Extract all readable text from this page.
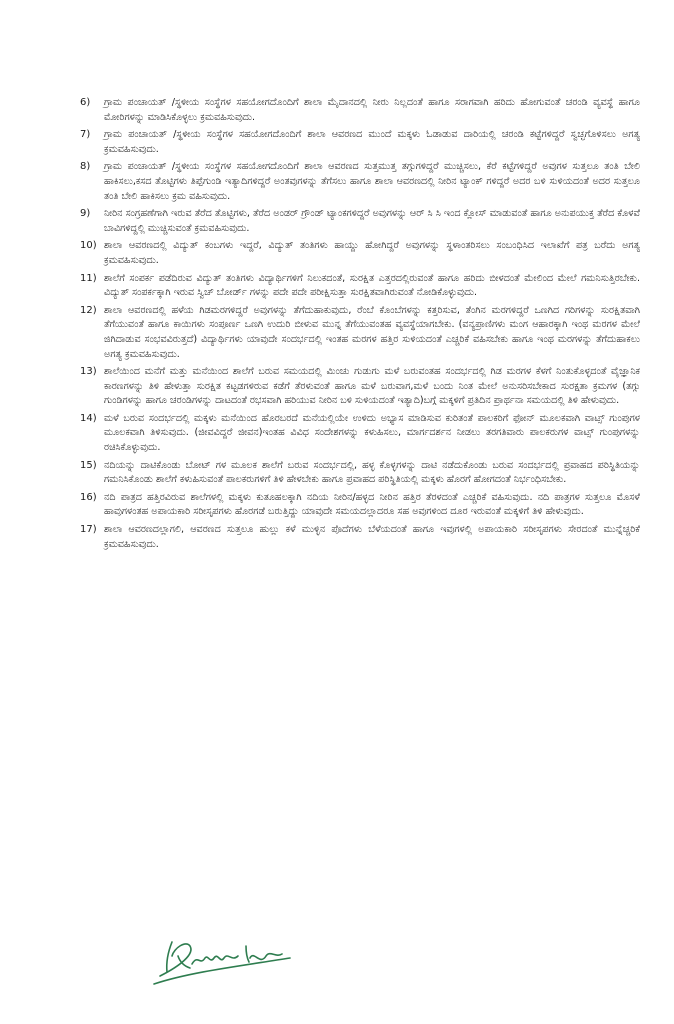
6)	ಗ್ರಾಮ ಪಂಚಾಯತ್ /ಸ್ಥಳೀಯ ಸಂಸ್ಥೆಗಳ ಸಹಯೋಗದೊಂದಿಗೆ ಶಾಲಾ ಮೈದಾನದಲ್ಲಿ ನೀರು ನಿಲ್ಲದಂತೆ ಹಾಗೂ ಸರಾಗವಾಗಿ ಹರಿದು ಹೋಗುವಂತೆ ಚರಂಡಿ ವ್ಯವಸ್ಥೆ ಹಾಗೂ ಮೋರಿಗಳನ್ನು ಮಾಡಿಸಿಕೊಳ್ಳಲು ಕ್ರಮವಹಿಸುವುದು.
7)	ಗ್ರಾಮ ಪಂಚಾಯತ್ /ಸ್ಥಳೀಯ ಸಂಸ್ಥೆಗಳ ಸಹಯೋಗದೊಂದಿಗೆ ಶಾಲಾ ಆವರಣದ ಮುಂದೆ ಮಕ್ಕಳು ಓಡಾಡುವ ದಾರಿಯಲ್ಲಿ ಚರಂಡಿ ಕಟ್ಟೆಗಳಿದ್ದರೆ ಸ್ವಚ್ಛಗೊಳಿಸಲು ಅಗತ್ಯ ಕ್ರಮವಹಿಸುವುದು.
8)	ಗ್ರಾಮ ಪಂಚಾಯತ್ /ಸ್ಥಳೀಯ ಸಂಸ್ಥೆಗಳ ಸಹಯೋಗದೊಂದಿಗೆ ಶಾಲಾ ಆವರಣದ ಸುತ್ತಮುತ್ತ ತಗ್ಗುಗಳಿದ್ದರೆ ಮುಚ್ಚಿಸಲು, ಕೆರೆ ಕಟ್ಟೆಗಳಿದ್ದರೆ ಅವುಗಳ ಸುತ್ತಲೂ ತಂತಿ ಬೇಲಿ ಹಾಕಿಸಲು,ಕಸದ ತೊಟ್ಟಿಗಳು ತಿಪ್ಪೆಗುಂಡಿ ಇತ್ಯಾದಿಗಳಿದ್ದರೆ ಅಂತವುಗಳನ್ನು ತೆಗೆಸಲು ಹಾಗೂ ಶಾಲಾ ಆವರಣದಲ್ಲಿ ನೀರಿನ ಟ್ಯಾಂಕ್ ಗಳಿದ್ದರೆ ಅದರ ಬಳಿ ಸುಳಿಯದಂತೆ ಅದರ ಸುತ್ತಲೂ ತಂತಿ ಬೇಲಿ ಹಾಕಿಸಲು ಕ್ರಮ ವಹಿಸುವುದು.
9)	ನೀರಿನ ಸಂಗ್ರಹಣೆಗಾಗಿ ಇರುವ ತೆರೆದ ತೊಟ್ಟಿಗಳು, ತೆರೆದ ಅಂಡರ್ ಗ್ರೌಂಡ್ ಟ್ಯಾಂಕಗಳಿದ್ದರೆ ಅವುಗಳನ್ನು ಆರ್ ಸಿ ಸಿ ಇಂದ ಕ್ಲೋಸ್ ಮಾಡುವಂತೆ ಹಾಗೂ ಅನುಪಯುಕ್ತ ತೆರೆದ ಕೊಳವೆ ಬಾವಿಗಳಿದ್ದಲ್ಲಿ ಮುಚ್ಚಿಸುವಂತೆ ಕ್ರಮವಹಿಸುವುದು.
10) ಶಾಲಾ ಆವರಣದಲ್ಲಿ ವಿದ್ಯುತ್ ಕಂಬಗಳು ಇದ್ದರೆ, ವಿದ್ಯುತ್ ತಂತಿಗಳು ಹಾಯ್ದು ಹೋಗಿದ್ದರೆ ಅವುಗಳನ್ನು ಸ್ಥಳಾಂತರಿಸಲು ಸಂಬಂಧಿಸಿದ ಇಲಾಖೆಗೆ ಪತ್ರ ಬರೆದು ಅಗತ್ಯ ಕ್ರಮವಹಿಸುವುದು.
11) ಶಾಲೆಗೆ ಸಂಪರ್ಕ ಪಡೆದಿರುವ ವಿದ್ಯುತ್ ತಂತಿಗಳು ವಿದ್ಯಾರ್ಥಿಗಳಿಗೆ ನಿಲುಕದಂತೆ, ಸುರಕ್ಷಿತ ಎತ್ತರದಲ್ಲಿರುವಂತೆ ಹಾಗೂ ಹರಿದು ಬೀಳದಂತೆ ಮೇಲಿಂದ ಮೇಲೆ ಗಮನಿಸುತ್ತಿರಬೇಕು. ವಿದ್ಯುತ್ ಸಂಪರ್ಕಕ್ಕಾಗಿ ಇರುವ ಸ್ವಿಚ್ ಬೋರ್ಡ್ ಗಳನ್ನು ಪದೇ ಪದೇ ಪರೀಕ್ಷಿಸುತ್ತಾ ಸುರಕ್ಷಿತವಾಗಿರುವಂತೆ ನೋಡಿಕೊಳ್ಳುವುದು.
12) ಶಾಲಾ ಆವರಣದಲ್ಲಿ ಹಳೆಯ ಗಿಡಮರಗಳಿದ್ದರೆ ಅವುಗಳನ್ನು ತೆಗೆದುಹಾಕುವುದು, ರೆಂಬೆ ಕೊಂಬೆಗಳನ್ನು ಕತ್ತರಿಸುವ, ತೆಂಗಿನ ಮರಗಳಿದ್ದರೆ ಒಣಗಿದ ಗರಿಗಳನ್ನು ಸುರಕ್ಷಿತವಾಗಿ ತೆಗೆಯುವಂತೆ ಹಾಗೂ ಕಾಯಿಗಳು ಸಂಪೂರ್ಣ ಒಣಗಿ ಉದುರಿ ಬೀಳುವ ಮುನ್ನ ತೆಗೆಯುವಂತಹ ವ್ಯವಸ್ಥೆಯಾಗಬೇಕು. (ವನ್ಯಪ್ರಾಣಿಗಳು ಮಂಗ ಆಹಾರಕ್ಕಾಗಿ ಇಂಥ ಮರಗಳ ಮೇಲೆ ಜಿಗಿದಾಡುವ ಸಂಭವವಿರುತ್ತದೆ) ವಿದ್ಯಾರ್ಥಿಗಳು ಯಾವುದೇ ಸಂದರ್ಭದಲ್ಲಿ ಇಂತಹ ಮರಗಳ ಹತ್ತಿರ ಸುಳಿಯದಂತೆ ಎಚ್ಚರಿಕೆ ವಹಿಸಬೇಕು ಹಾಗೂ ಇಂಥ ಮರಗಳನ್ನು ತೆಗೆದುಹಾಕಲು ಅಗತ್ಯ ಕ್ರಮವಹಿಸುವುದು.
13) ಶಾಲೆಯಿಂದ ಮನೆಗೆ ಮತ್ತು ಮನೆಯಿಂದ ಶಾಲೆಗೆ ಬರುವ ಸಮಯದಲ್ಲಿ ಮಿಂಚು ಗುಡುಗು ಮಳೆ ಬರುವಂತಹ ಸಂದರ್ಭದಲ್ಲಿ ಗಿಡ ಮರಗಳ ಕೆಳಗೆ ನಿಂತುಕೊಳ್ಳದಂತೆ ವೈಜ್ಞಾನಿಕ ಕಾರಣಗಳನ್ನು ತಿಳಿ ಹೇಳುತ್ತಾ ಸುರಕ್ಷಿತ ಕಟ್ಟಡಗಳಿರುವ ಕಡೆಗೆ ತೆರಳುವಂತೆ ಹಾಗೂ ಮಳೆ ಬರುವಾಗ,ಮಳೆ ಬಂದು ನಿಂತ ಮೇಲೆ ಅನುಸರಿಸಬೇಕಾದ ಸುರಕ್ಷತಾ ಕ್ರಮಗಳ (ತಗ್ಗು ಗುಂಡಿಗಳನ್ನು ಹಾಗೂ ಚರಂಡಿಗಳನ್ನು ದಾಟದಂತೆ ರಭಸವಾಗಿ ಹರಿಯುವ ನೀರಿನ ಬಳಿ ಸುಳಿಯದಂತೆ ಇತ್ಯಾದಿ)ಬಗ್ಗೆ ಮಕ್ಕಳಿಗೆ ಪ್ರತಿದಿನ ಪ್ರಾರ್ಥನಾ ಸಮಯದಲ್ಲಿ ತಿಳಿ ಹೇಳುವುದು.
14) ಮಳೆ ಬರುವ ಸಂದರ್ಭದಲ್ಲಿ ಮಕ್ಕಳು ಮನೆಯಿಂದ ಹೊರಬರದೆ ಮನೆಯಲ್ಲಿಯೇ ಉಳಿದು ಅಭ್ಯಾಸ ಮಾಡಿಸುವ ಕುರಿತಂತೆ ಪಾಲಕರಿಗೆ ಫೋನ್ ಮೂಲಕವಾಗಿ ವಾಟ್ಸ್ ಗುಂಪುಗಳ ಮೂಲಕವಾಗಿ ತಿಳಿಸುವುದು. (ಜೀವವಿದ್ದರೆ ಜೀವನ)ಇಂತಹ ವಿವಿಧ ಸಂದೇಶಗಳನ್ನು ಕಳುಹಿಸಲು, ಮಾರ್ಗದರ್ಶನ ನೀಡಲು ತರಗತಿವಾರು ಪಾಲಕರುಗಳ ವಾಟ್ಸ್ ಗುಂಪುಗಳನ್ನು ರಚಿಸಿಕೊಳ್ಳುವುದು.
15) ನದಿಯನ್ನು ದಾಟಿಕೊಂಡು ಬೋಟ್ ಗಳ ಮೂಲಕ ಶಾಲೆಗೆ ಬರುವ ಸಂದರ್ಭದಲ್ಲಿ, ಹಳ್ಳ ಕೊಳ್ಳಗಳನ್ನು ದಾಟಿ ನಡೆದುಕೊಂಡು ಬರುವ ಸಂದರ್ಭದಲ್ಲಿ ಪ್ರವಾಹದ ಪರಿಸ್ಥಿತಿಯನ್ನು ಗಮನಿಸಿಕೊಂಡು ಶಾಲೆಗೆ ಕಳುಹಿಸುವಂತೆ ಪಾಲಕರುಗಳಿಗೆ ತಿಳಿ ಹೇಳಬೇಕು ಹಾಗೂ ಪ್ರವಾಹದ ಪರಿಸ್ಥಿತಿಯಲ್ಲಿ ಮಕ್ಕಳು ಹೊರಗೆ ಹೋಗದಂತೆ ನಿರ್ಭಂಧಿಸಬೇಕು.
16) ನದಿ ಪಾತ್ರದ ಹತ್ತಿರವಿರುವ ಶಾಲೆಗಳಲ್ಲಿ ಮಕ್ಕಳು ಕುತೂಹಲಕ್ಕಾಗಿ ನದಿಯ ನೀರಿನ/ಹಳ್ಳದ ನೀರಿನ ಹತ್ತಿರ ತೆರಳದಂತೆ ಎಚ್ಚರಿಕೆ ವಹಿಸುವುದು. ನದಿ ಪಾತ್ರಗಳ ಸುತ್ತಲೂ ಮೊಸಳೆ ಹಾವುಗಳಂತಹ ಅಪಾಯಕಾರಿ ಸರೀಸೃಪಗಳು ಹೊರಗಡೆ ಬರುತ್ತಿದ್ದು ಯಾವುದೇ ಸಮಯದಲ್ಲಾದರೂ ಸಹ ಅವುಗಳಿಂದ ದೂರ ಇರುವಂತೆ ಮಕ್ಕಳಿಗೆ ತಿಳಿ ಹೇಳುವುದು.
17) ಶಾಲಾ ಆವರಣದಲ್ಲಾಗಲಿ, ಆವರಣದ ಸುತ್ತಲೂ ಹುಲ್ಲು ಕಳೆ ಮುಳ್ಳಿನ ಪೊದೆಗಳು ಬೆಳೆಯದಂತೆ ಹಾಗೂ ಇವುಗಳಲ್ಲಿ ಅಪಾಯಕಾರಿ ಸರೀಸೃಪಗಳು ಸೇರದಂತೆ ಮುನ್ನೆಚ್ಚರಿಕೆ ಕ್ರಮವಹಿಸುವುದು.
